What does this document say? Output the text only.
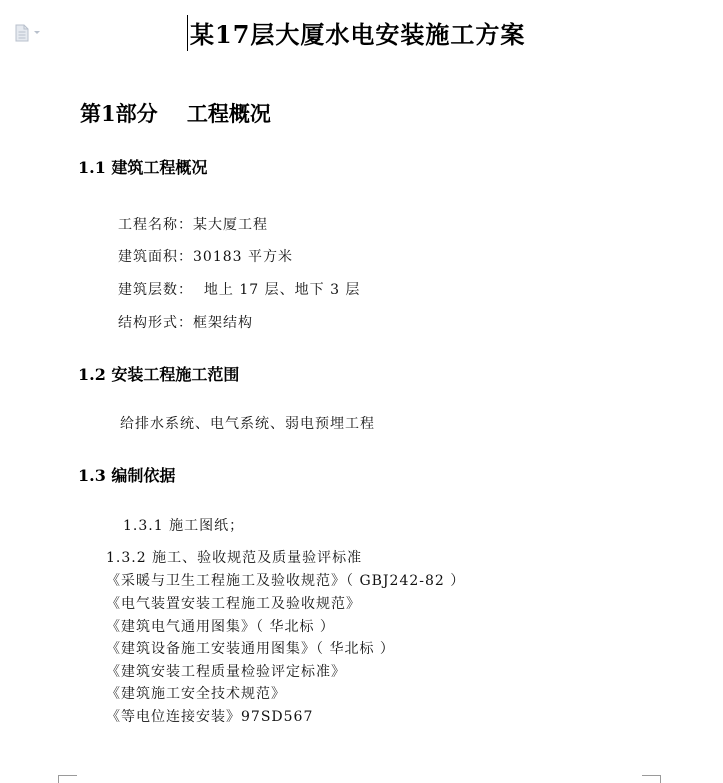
某17层大厦水电安装施工方案
第1部分    工程概况
1.1 建筑工程概况
工程名称：某大厦工程
建筑面积：30183 平方米
建筑层数：  地上 17 层、地下 3 层
结构形式：框架结构
1.2 安装工程施工范围
给排水系统、电气系统、弱电预埋工程
1.3 编制依据
1.3.1 施工图纸；
1.3.2 施工、验收规范及质量验评标准
《采暖与卫生工程施工及验收规范》（ GBJ242-82 ）
《电气装置安装工程施工及验收规范》
《建筑电气通用图集》（ 华北标 ）
《建筑设备施工安装通用图集》（ 华北标 ）
《建筑安装工程质量检验评定标准》
《建筑施工安全技术规范》
《等电位连接安装》97SD567
